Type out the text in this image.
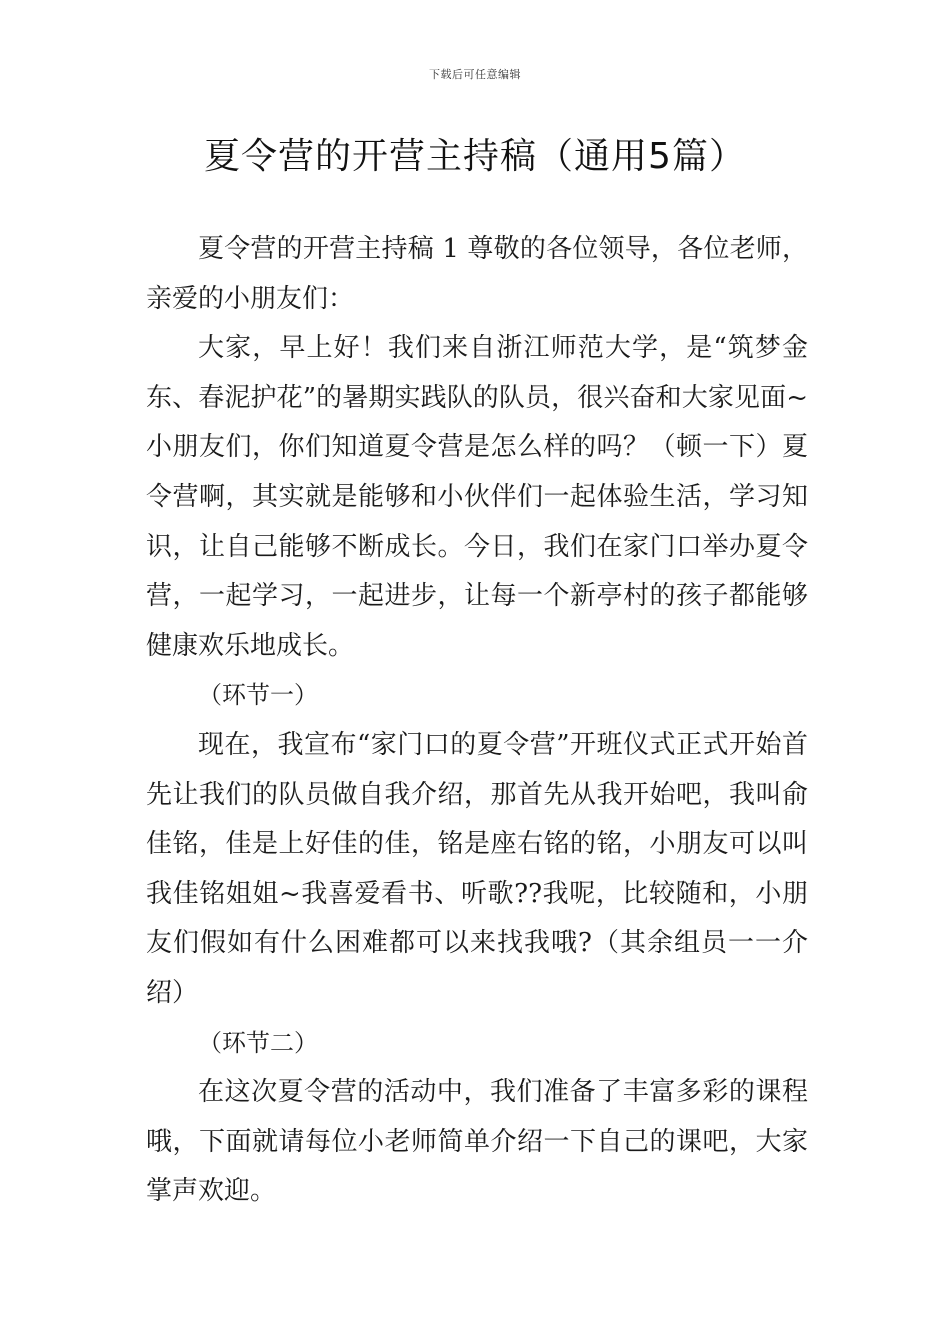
下载后可任意编辑
夏令营的开营主持稿（通用5篇）

夏令营的开营主持稿 1 尊敬的各位领导，各位老师，亲爱的小朋友们：

大家，早上好！我们来自浙江师范大学，是“筑梦金东、春泥护花”的暑期实践队的队员，很兴奋和大家见面~小朋友们，你们知道夏令营是怎么样的吗？（顿一下）夏令营啊，其实就是能够和小伙伴们一起体验生活，学习知识，让自己能够不断成长。今日，我们在家门口举办夏令营，一起学习，一起进步，让每一个新亭村的孩子都能够健康欢乐地成长。

（环节一）

现在，我宣布“家门口的夏令营”开班仪式正式开始首先让我们的队员做自我介绍，那首先从我开始吧，我叫俞佳铭，佳是上好佳的佳，铭是座右铭的铭，小朋友可以叫我佳铭姐姐~我喜爱看书、听歌??我呢，比较随和，小朋友们假如有什么困难都可以来找我哦?（其余组员一一介绍）

（环节二）

在这次夏令营的活动中，我们准备了丰富多彩的课程哦，下面就请每位小老师简单介绍一下自己的课吧，大家掌声欢迎。
